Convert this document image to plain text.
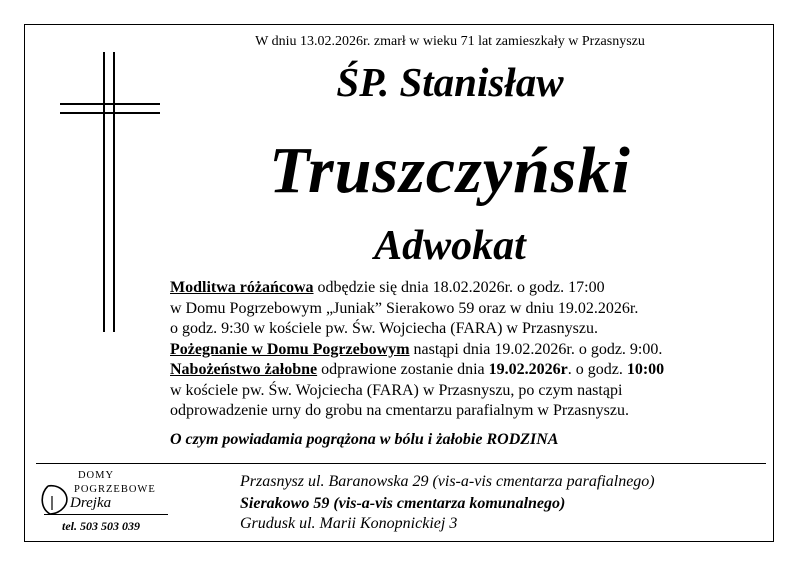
W dniu 13.02.2026r. zmarł w wieku 71 lat zamieszkały w Przasnyszu
ŚP. Stanisław
Truszczyński
Adwokat
Modlitwa różańcowa odbędzie się dnia 18.02.2026r. o godz. 17:00
w Domu Pogrzebowym „Juniak” Sierakowo 59 oraz w dniu 19.02.2026r.
o godz. 9:30 w kościele pw. Św. Wojciecha (FARA) w Przasnyszu.
Pożegnanie w Domu Pogrzebowym nastąpi dnia 19.02.2026r. o godz. 9:00.
Nabożeństwo żałobne odprawione zostanie dnia 19.02.2026r. o godz. 10:00
w kościele pw. Św. Wojciecha (FARA) w Przasnyszu, po czym nastąpi
odprowadzenie urny do grobu na cmentarzu parafialnym w Przasnyszu.
O czym powiadamia pogrążona w bólu i żałobie RODZINA
DOMY
POGRZEBOWE
Drejka
tel. 503 503 039
Przasnysz ul. Baranowska 29 (vis-a-vis cmentarza parafialnego)
Sierakowo 59 (vis-a-vis cmentarza komunalnego)
Grudusk ul. Marii Konopnickiej 3
